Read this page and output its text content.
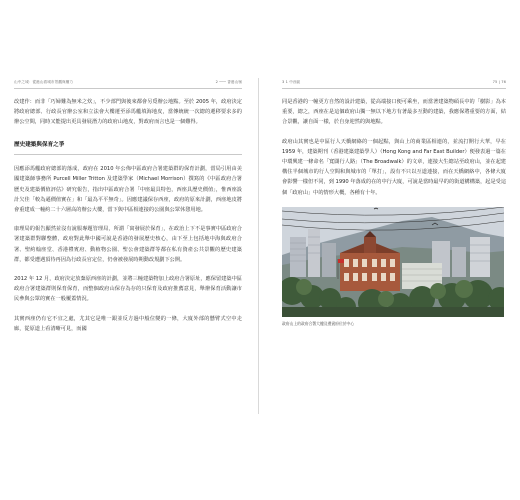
山中之城：從港山看城市景觀與權力	2 ─── 香港山嶺

改建作：而非「巧婦難為無米之炊」，不少部門與後來都會另覓辦公地點。至於 2005 年，政府決定將政府總部、行政長官辦公室和立法會大樓遷至添馬艦填海地皮，當傳統統一次總的遷移要求多的辦公空間，同時又能提出更具發展潛力的政府山地皮，對政府而言也是一個難得。

歷史建築與保育之爭

因應添馬艦政府總部的落成，政府在 2010 年公佈中區政府合署建築群的保育計劃，當局引用由美國建築師事務所 Purcell Miller Tritton 及建築學家（Michael Morrison）撰寫的《中區政府合署歷史及建築價值評估》研究報告，指出中區政府合署「中座最具特色，西座具歷史價值」，惟西座設計欠佳「較為遜價值實在」和「最為平平無奇」。因應建議保存西座，政府的原來計劃，西座地皮將會重建成一幢約二十六層高的辦公大樓，當下與中區相連接的公園與公眾休憩用地。

康理局的報告顯然並沒有說服專題管理局，所謂「寓發展於保育」，在政治上下不是事實中區政府合署建築群對聯整體，政府對此舉中國可說是香港的發展歷史核心，由下至上包括地中海與政府合署、聖約翰座堂、香港禮賓府、動植物公園、聖公會建築群等都在私有資產公共景觀的歷史建築群，都受遭遇頂待再因為行政長官定位，仍會被發展時期動改規劃下公開。

2012 年 12 月，政府決定放棄原西座的計劃，並將三幢建築物加上政府合署原址，應保留建築中區政府合署建築群則保育保育，而整個政府山保存為存的只保育及政府推薦意見，舉辦保育活動讓市民參與公眾的實在一般覆蓋情況。

其實西座仍有它不宜之處，尤其它是唯一跟並反方過中般位變的一條，大廈外部的懸臂式空中走廊，從原道上看清晰可見，而國

3 1 中西區	75 | 76

同是香港的一幢更方自然的設計建築，從高端接口便可乘坐，而當著建築物碩長中的「樹影」為本重要，總之，西座在是這個政府山獨一無以下地方有著最多互動的建築，我應保將重要的方面，結合景觀，讓自面一樣，於自身迎然的與地點。

政府山其實也是中區行人天橋網絡的一個起點，與山上的商業區相連的，並流打開行大華，早在 1959 年，建築期刊（香港建築建築學人）（Hong Kong and Far East Builder）便發表過一篇在中環興建一條命名「寬闊行人路」（The Broadwalk）的文章，連接大生總站至政府山，並在起建構住半個城市的行人空間和與城市的「單打」，設有不只以互道連接，而在天橋網絡中，各條大廈會影響一樣但不同，到 1990 年落成的在的中行大廈，可說是當時最早的的街道構構築，起是受這個「政府山」中的情形大概，各種有十年。

政府山上的政府合署大樓及禮賓府位於中心
